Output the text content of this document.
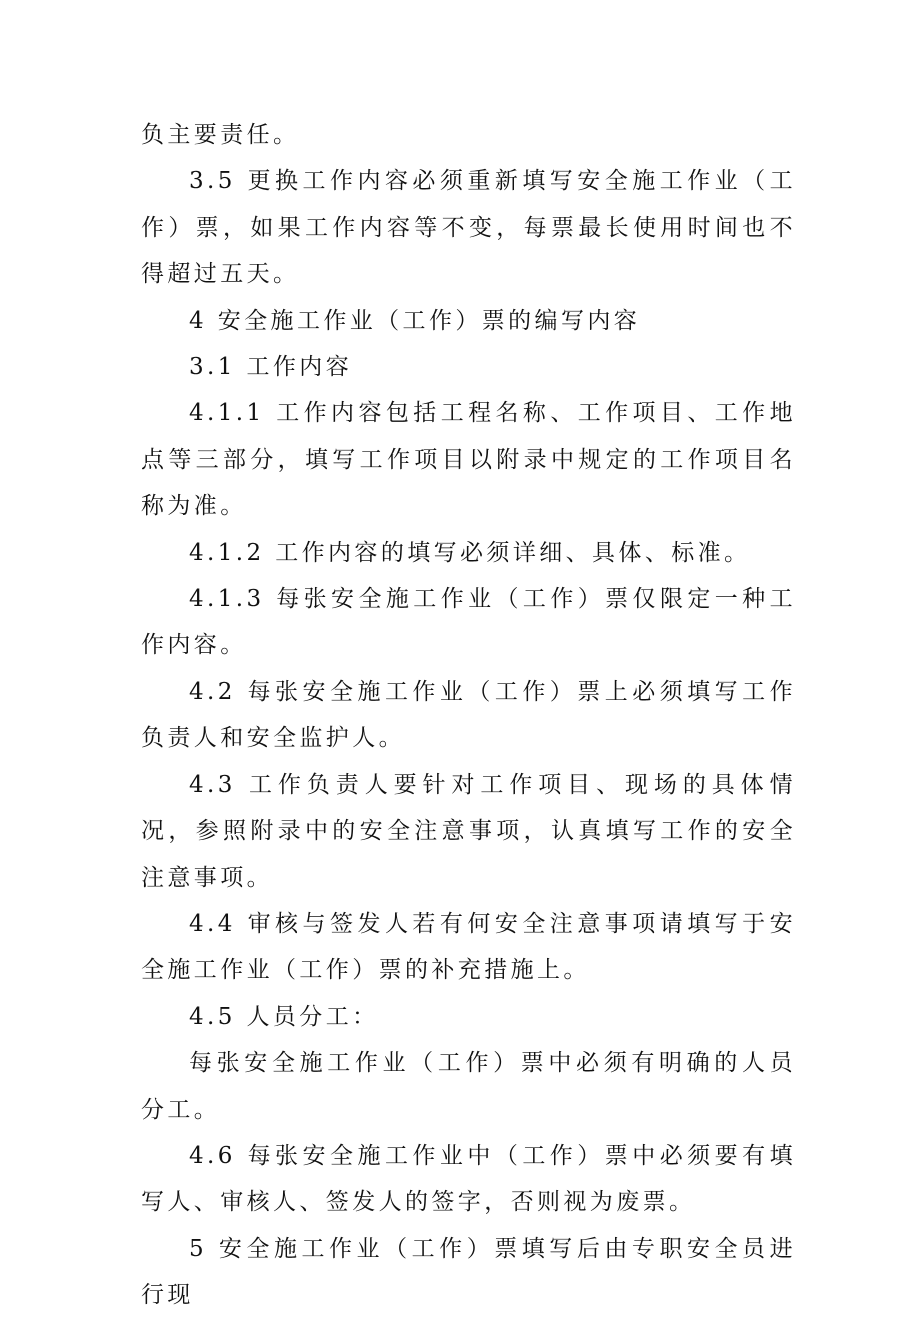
负主要责任。

3.5 更换工作内容必须重新填写安全施工作业（工作）票，如果工作内容等不变，每票最长使用时间也不得超过五天。

4 安全施工作业（工作）票的编写内容

3.1 工作内容

4.1.1 工作内容包括工程名称、工作项目、工作地点等三部分，填写工作项目以附录中规定的工作项目名称为准。

4.1.2 工作内容的填写必须详细、具体、标准。

4.1.3 每张安全施工作业（工作）票仅限定一种工作内容。

4.2 每张安全施工作业（工作）票上必须填写工作负责人和安全监护人。

4.3 工作负责人要针对工作项目、现场的具体情况，参照附录中的安全注意事项，认真填写工作的安全注意事项。

4.4 审核与签发人若有何安全注意事项请填写于安全施工作业（工作）票的补充措施上。

4.5 人员分工：

每张安全施工作业（工作）票中必须有明确的人员分工。

4.6 每张安全施工作业中（工作）票中必须要有填写人、审核人、签发人的签字，否则视为废票。

5 安全施工作业（工作）票填写后由专职安全员进行现
